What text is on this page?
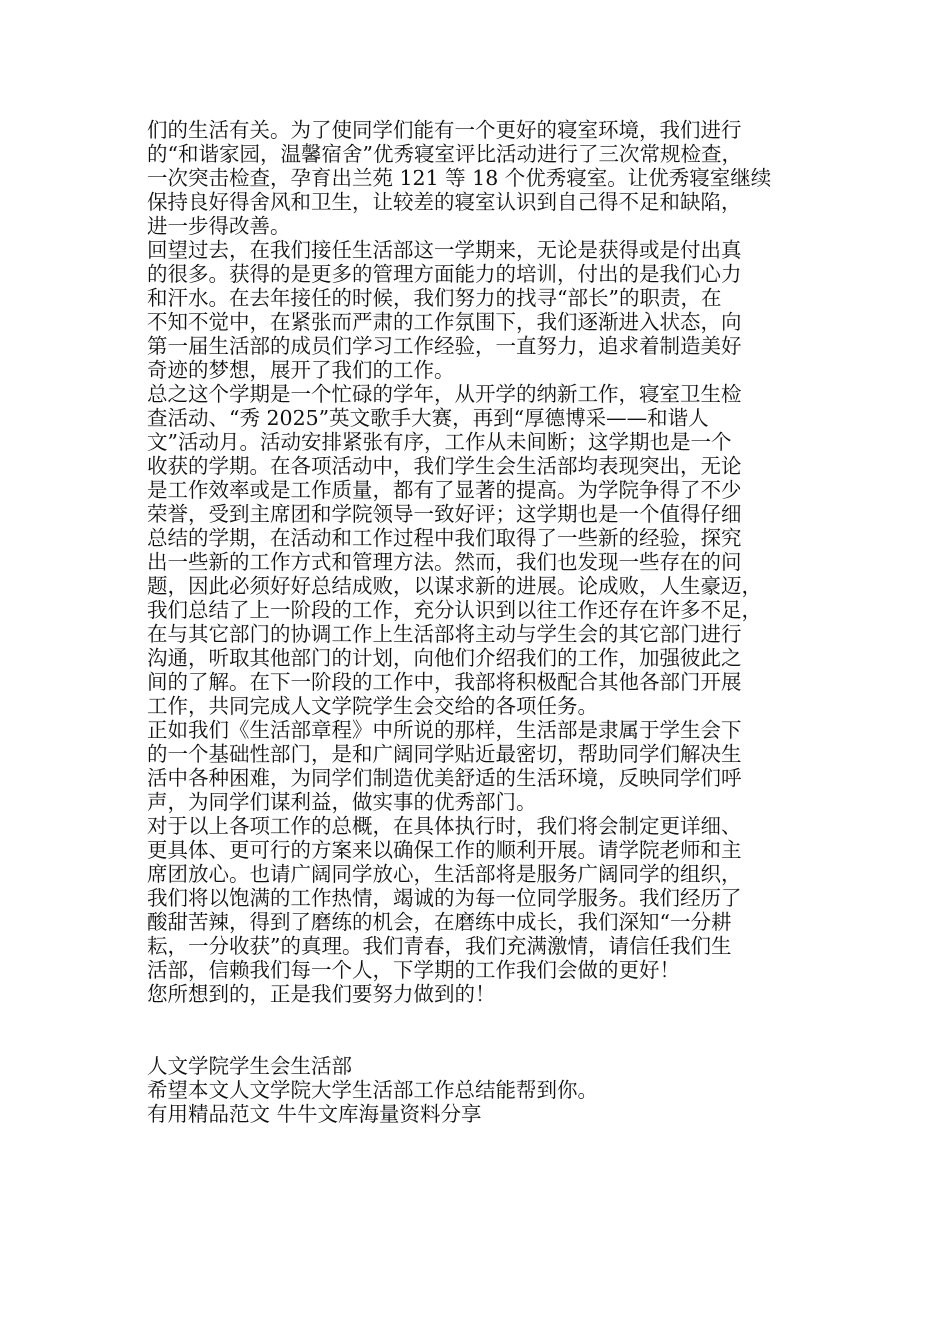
们的生活有关。为了使同学们能有一个更好的寝室环境，我们进行
的“和谐家园，温馨宿舍”优秀寝室评比活动进行了三次常规检查，
一次突击检查，孕育出兰苑 121 等 18 个优秀寝室。让优秀寝室继续
保持良好得舍风和卫生，让较差的寝室认识到自己得不足和缺陷，
进一步得改善。

回望过去，在我们接任生活部这一学期来，无论是获得或是付出真
的很多。获得的是更多的管理方面能力的培训，付出的是我们心力
和汗水。在去年接任的时候，我们努力的找寻“部长”的职责，在
不知不觉中，在紧张而严肃的工作氛围下，我们逐渐进入状态，向
第一届生活部的成员们学习工作经验，一直努力，追求着制造美好
奇迹的梦想，展开了我们的工作。

总之这个学期是一个忙碌的学年，从开学的纳新工作，寝室卫生检
查活动、“秀 2025”英文歌手大赛，再到“厚德博采——和谐人
文”活动月。活动安排紧张有序，工作从未间断；这学期也是一个
收获的学期。在各项活动中，我们学生会生活部均表现突出，无论
是工作效率或是工作质量，都有了显著的提高。为学院争得了不少
荣誉，受到主席团和学院领导一致好评；这学期也是一个值得仔细
总结的学期，在活动和工作过程中我们取得了一些新的经验，探究
出一些新的工作方式和管理方法。然而，我们也发现一些存在的问
题，因此必须好好总结成败，以谋求新的进展。论成败，人生豪迈，
我们总结了上一阶段的工作，充分认识到以往工作还存在许多不足，
在与其它部门的协调工作上生活部将主动与学生会的其它部门进行
沟通，听取其他部门的计划，向他们介绍我们的工作，加强彼此之
间的了解。在下一阶段的工作中，我部将积极配合其他各部门开展
工作，共同完成人文学院学生会交给的各项任务。

正如我们《生活部章程》中所说的那样，生活部是隶属于学生会下
的一个基础性部门，是和广阔同学贴近最密切，帮助同学们解决生
活中各种困难，为同学们制造优美舒适的生活环境，反映同学们呼
声，为同学们谋利益，做实事的优秀部门。

对于以上各项工作的总概，在具体执行时，我们将会制定更详细、
更具体、更可行的方案来以确保工作的顺利开展。请学院老师和主
席团放心。也请广阔同学放心，生活部将是服务广阔同学的组织，
我们将以饱满的工作热情，竭诚的为每一位同学服务。我们经历了
酸甜苦辣，得到了磨练的机会，在磨练中成长，我们深知“一分耕
耘，一分收获”的真理。我们青春，我们充满激情，请信任我们生
活部，信赖我们每一个人，下学期的工作我们会做的更好！

您所想到的，正是我们要努力做到的！

人文学院学生会生活部
希望本文人文学院大学生活部工作总结能帮到你。
有用精品范文 牛牛文库海量资料分享
